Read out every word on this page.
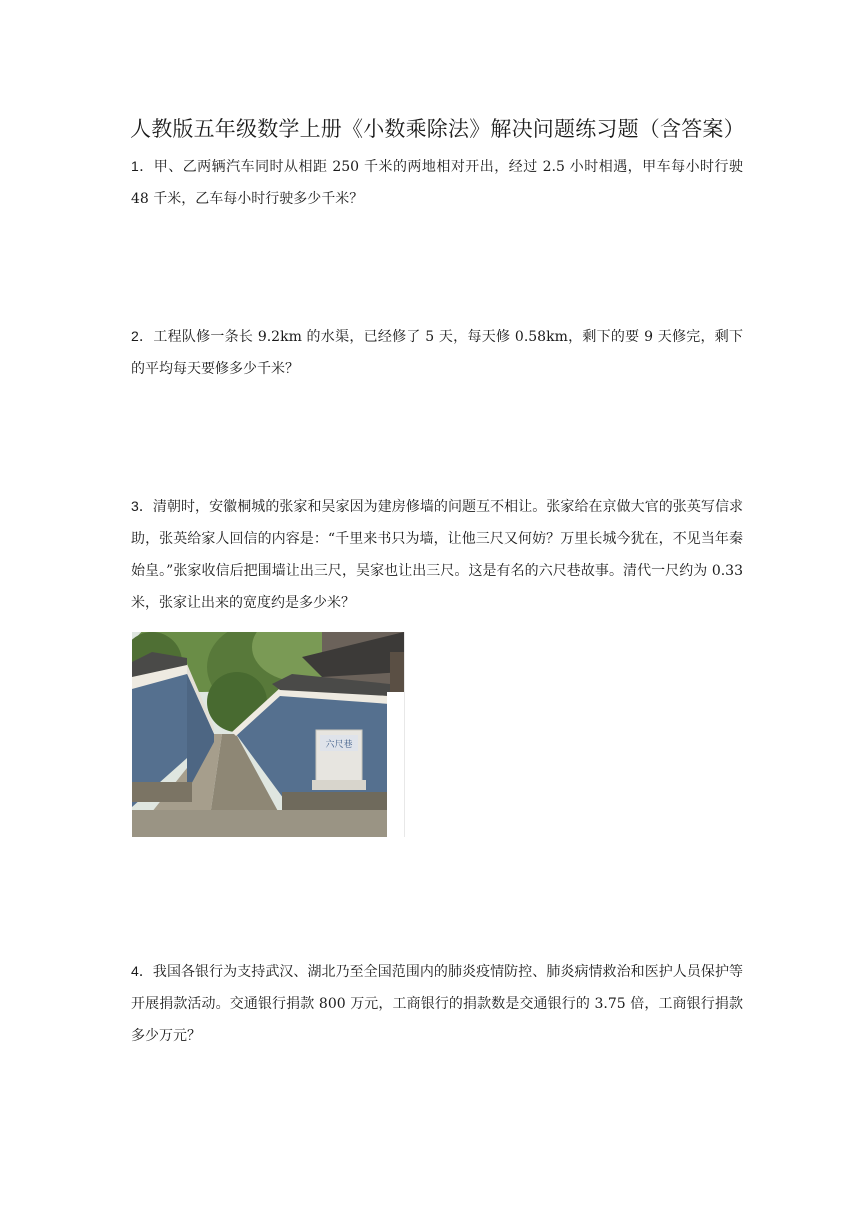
人教版五年级数学上册《小数乘除法》解决问题练习题（含答案）
1．甲、乙两辆汽车同时从相距 250 千米的两地相对开出，经过 2.5 小时相遇，甲车每小时行驶 48 千米，乙车每小时行驶多少千米？
2．工程队修一条长 9.2km 的水渠，已经修了 5 天，每天修 0.58km，剩下的要 9 天修完，剩下的平均每天要修多少千米？
3．清朝时，安徽桐城的张家和吴家因为建房修墙的问题互不相让。张家给在京做大官的张英写信求助，张英给家人回信的内容是：“千里来书只为墙，让他三尺又何妨？万里长城今犹在，不见当年秦始皇。”张家收信后把围墙让出三尺，吴家也让出三尺。这是有名的六尺巷故事。清代一尺约为 0.33 米，张家让出来的宽度约是多少米？
六尺巷
4．我国各银行为支持武汉、湖北乃至全国范围内的肺炎疫情防控、肺炎病情救治和医护人员保护等开展捐款活动。交通银行捐款 800 万元，工商银行的捐款数是交通银行的 3.75 倍，工商银行捐款多少万元？
